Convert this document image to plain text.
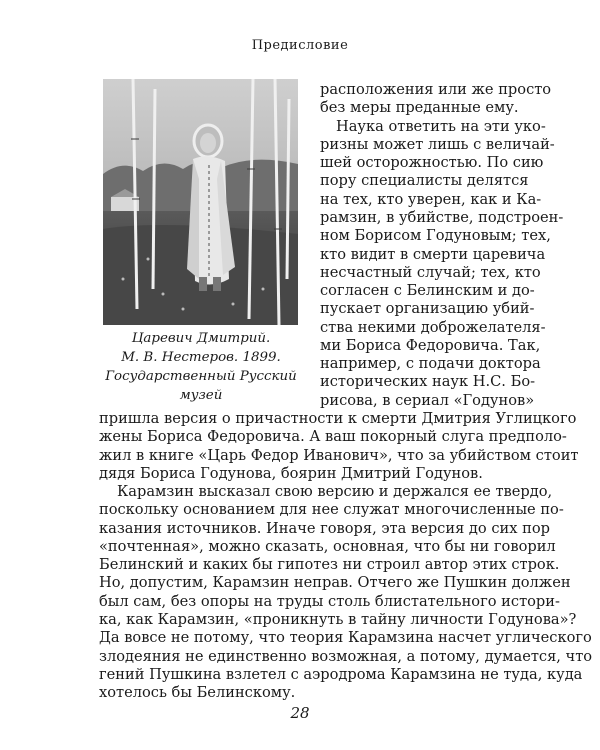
Предисловие
Царевич Дмитрий.
М. В. Нестеров. 1899.
Государственный Русский
музей
расположения или же просто
без меры преданные ему.
Наука ответить на эти уко-
ризны может лишь с величай-
шей осторожностью. По сию
пору специалисты делятся
на тех, кто уверен, как и Ка-
рамзин, в убийстве, подстроен-
ном Борисом Годуновым; тех,
кто видит в смерти царевича
несчастный случай; тех, кто
согласен с Белинским и до-
пускает организацию убий-
ства некими доброжелателя-
ми Бориса Федоровича. Так,
например, с подачи доктора
исторических наук Н.С. Бо-
рисова, в сериал «Годунов»
пришла версия о причастности к смерти Дмитрия Углицкого
жены Бориса Федоровича. А ваш покорный слуга предполо-
жил в книге «Царь Федор Иванович», что за убийством стоит
дядя Бориса Годунова, боярин Дмитрий Годунов.
Карамзин высказал свою версию и держался ее твердо,
поскольку основанием для нее служат многочисленные по-
казания источников. Иначе говоря, эта версия до сих пор
«почтенная», можно сказать, основная, что бы ни говорил
Белинский и каких бы гипотез ни строил автор этих строк.
Но, допустим, Карамзин неправ. Отчего же Пушкин должен
был сам, без опоры на труды столь блистательного истори-
ка, как Карамзин, «проникнуть в тайну личности Годунова»?
Да вовсе не потому, что теория Карамзина насчет углического
злодеяния не единственно возможная, а потому, думается, что
гений Пушкина взлетел с аэродрома Карамзина не туда, куда
хотелось бы Белинскому.
28
